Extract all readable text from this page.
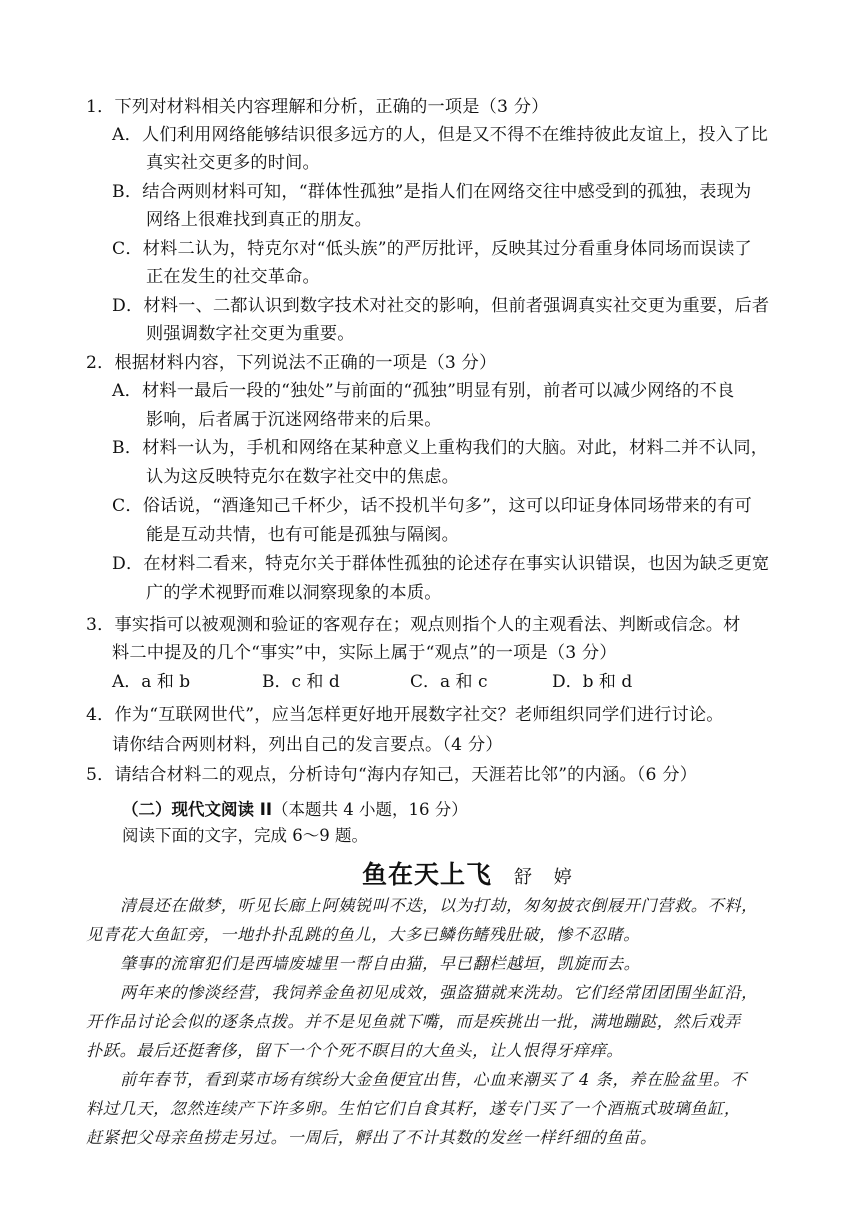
1．下列对材料相关内容理解和分析，正确的一项是（3 分）

A．人们利用网络能够结识很多远方的人，但是又不得不在维持彼此友谊上，投入了比

真实社交更多的时间。

B．结合两则材料可知，“群体性孤独”是指人们在网络交往中感受到的孤独，表现为

网络上很难找到真正的朋友。

C．材料二认为，特克尔对“低头族”的严厉批评，反映其过分看重身体同场而误读了

正在发生的社交革命。

D．材料一、二都认识到数字技术对社交的影响，但前者强调真实社交更为重要，后者

则强调数字社交更为重要。

2．根据材料内容，下列说法不正确的一项是（3 分）

A．材料一最后一段的“独处”与前面的“孤独”明显有别，前者可以减少网络的不良

影响，后者属于沉迷网络带来的后果。

B．材料一认为，手机和网络在某种意义上重构我们的大脑。对此，材料二并不认同，

认为这反映特克尔在数字社交中的焦虑。

C．俗话说，“酒逢知己千杯少，话不投机半句多”，这可以印证身体同场带来的有可

能是互动共情，也有可能是孤独与隔阂。

D．在材料二看来，特克尔关于群体性孤独的论述存在事实认识错误，也因为缺乏更宽

广的学术视野而难以洞察现象的本质。

3．事实指可以被观测和验证的客观存在；观点则指个人的主观看法、判断或信念。材

料二中提及的几个“事实”中，实际上属于“观点”的一项是（3 分）

A．a 和 b	B．c 和 d	C．a 和 c	D．b 和 d

4．作为“互联网世代”，应当怎样更好地开展数字社交？老师组织同学们进行讨论。

请你结合两则材料，列出自己的发言要点。（4 分）

5．请结合材料二的观点，分析诗句“海内存知己，天涯若比邻”的内涵。（6 分）

（二）现代文阅读 II（本题共 4 小题，16 分）

阅读下面的文字，完成 6～9 题。

鱼在天上飞 舒 婷

清晨还在做梦，听见长廊上阿姨锐叫不迭，以为打劫，匆匆披衣倒屐开门营救。不料，

见青花大鱼缸旁，一地扑扑乱跳的鱼儿，大多已鳞伤鳍残肚破，惨不忍睹。

肇事的流窜犯们是西墙废墟里一帮自由猫，早已翻栏越垣，凯旋而去。

两年来的惨淡经营，我饲养金鱼初见成效，强盗猫就来洗劫。它们经常团团围坐缸沿，

开作品讨论会似的逐条点拨。并不是见鱼就下嘴，而是疾挑出一批，满地蹦跶，然后戏弄

扑跃。最后还挺奢侈，留下一个个死不瞑目的大鱼头，让人恨得牙痒痒。

前年春节，看到菜市场有缤纷大金鱼便宜出售，心血来潮买了 4 条，养在脸盆里。不

料过几天，忽然连续产下许多卵。生怕它们自食其籽，遂专门买了一个酒瓶式玻璃鱼缸，

赶紧把父母亲鱼捞走另过。一周后，孵出了不计其数的发丝一样纤细的鱼苗。
